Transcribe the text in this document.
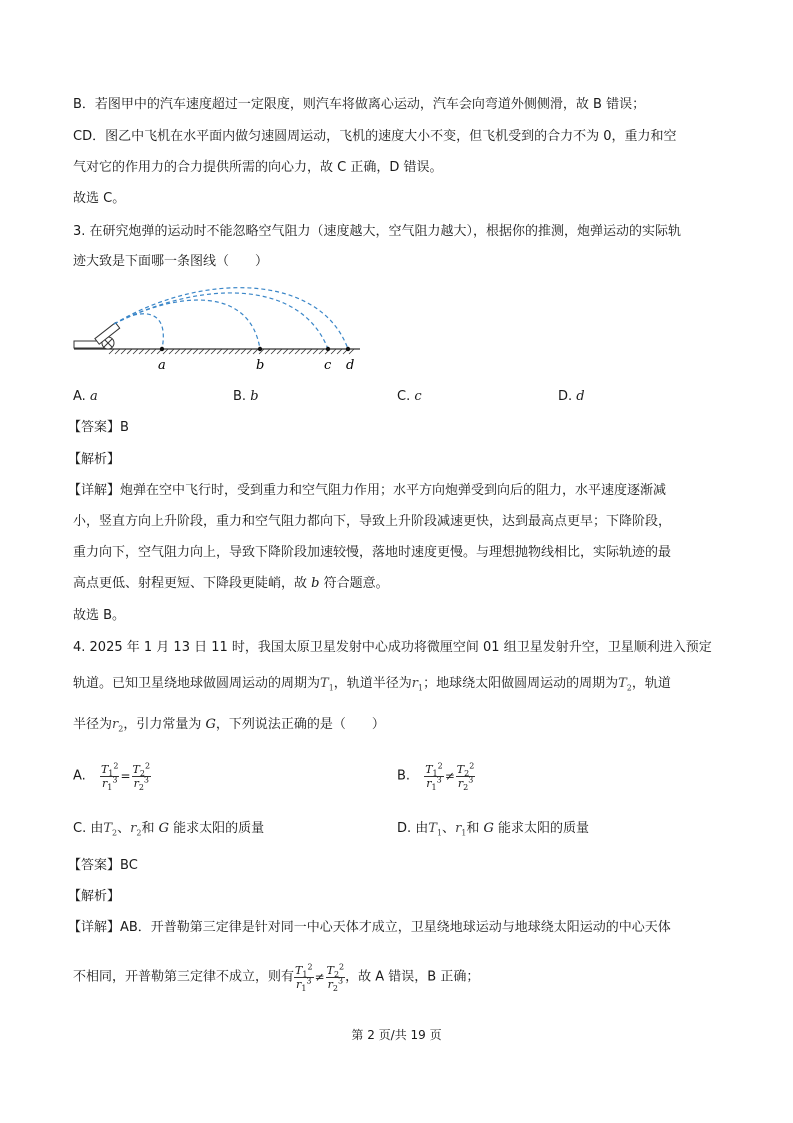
B．若图甲中的汽车速度超过一定限度，则汽车将做离心运动，汽车会向弯道外侧侧滑，故 B 错误；
CD．图乙中飞机在水平面内做匀速圆周运动，飞机的速度大小不变，但飞机受到的合力不为 0，重力和空
气对它的作用力的合力提供所需的向心力，故 C 正确，D 错误。
故选 C。
3. 在研究炮弹的运动时不能忽略空气阻力（速度越大，空气阻力越大），根据你的推测，炮弹运动的实际轨
迹大致是下面哪一条图线（　　）
a	b	c d
A. a	B. b	C. c	D. d
【答案】B
【解析】
【详解】炮弹在空中飞行时，受到重力和空气阻力作用；水平方向炮弹受到向后的阻力，水平速度逐渐减
小，竖直方向上升阶段，重力和空气阻力都向下，导致上升阶段减速更快，达到最高点更早；下降阶段，
重力向下，空气阻力向上，导致下降阶段加速较慢，落地时速度更慢。与理想抛物线相比，实际轨迹的最
高点更低、射程更短、下降段更陡峭，故 b 符合题意。
故选 B。
4. 2025 年 1 月 13 日 11 时，我国太原卫星发射中心成功将微厘空间 01 组卫星发射升空，卫星顺利进入预定
轨道。已知卫星绕地球做圆周运动的周期为$T_1$，轨道半径为$r_1$；地球绕太阳做圆周运动的周期为$T_2$，轨道
半径为$r_2$，引力常量为 G，下列说法正确的是（　　）
A. $\frac{T_1^2}{r_1^3} = \frac{T_2^2}{r_2^3}$	B. $\frac{T_1^2}{r_1^3} \ne \frac{T_2^2}{r_2^3}$
C. 由$T_2$、$r_2$和 G 能求太阳的质量	D. 由$T_1$、$r_1$和 G 能求太阳的质量
【答案】BC
【解析】
【详解】AB．开普勒第三定律是针对同一中心天体才成立，卫星绕地球运动与地球绕太阳运动的中心天体
不相同，开普勒第三定律不成立，则有 $\frac{T_1^2}{r_1^3} \ne \frac{T_2^2}{r_2^3}$ ，故 A 错误，B 正确；
第 2 页/共 19 页
